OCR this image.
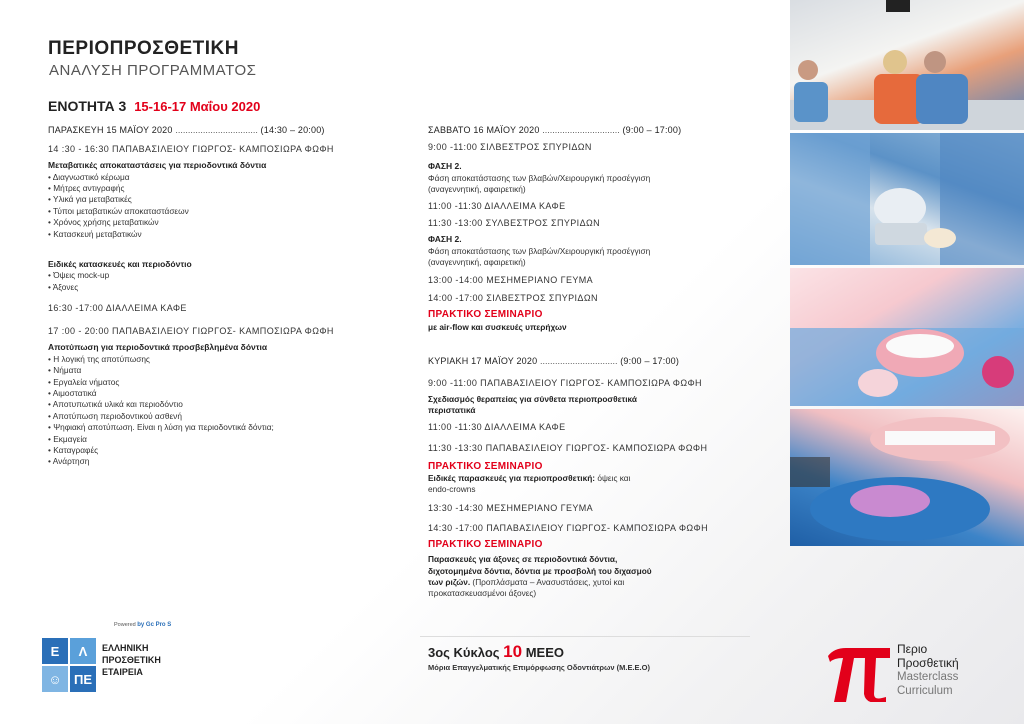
ΠΕΡΙΟΠΡΟΣΘΕΤΙΚΗ
ΑΝΑΛΥΣΗ ΠΡΟΓΡΑΜΜΑΤΟΣ
ΕΝΟΤΗΤΑ 3 15-16-17 Μαΐου 2020
ΠΑΡΑΣΚΕΥΗ 15 ΜΑΪΟΥ 2020 ................................. (14:30 – 20:00)
14 :30 - 16:30 ΠΑΠΑΒΑΣΙΛΕΙΟΥ ΓΙΩΡΓΟΣ- ΚΑΜΠΟΣΙΩΡΑ ΦΩΦΗ
Μεταβατικές αποκαταστάσεις για περιοδοντικά δόντια
• Διαγνωστικό κέρωμα
• Μήτρες αντιγραφής
• Υλικά για μεταβατικές
• Τύποι μεταβατικών αποκαταστάσεων
• Χρόνος χρήσης μεταβατικών
• Κατασκευή μεταβατικών
Ειδικές κατασκευές και περιοδόντιο
• Όψεις mock-up
• Άξονες
16:30 -17:00 ΔΙΑΛΛΕΙΜΑ ΚΑΦΕ
17 :00 - 20:00 ΠΑΠΑΒΑΣΙΛΕΙΟΥ ΓΙΩΡΓΟΣ- ΚΑΜΠΟΣΙΩΡΑ ΦΩΦΗ
Αποτύπωση για περιοδοντικά προσβεβλημένα δόντια
• Η λογική της αποτύπωσης
• Νήματα
• Εργαλεία νήματος
• Αιμοστατικά
• Αποτυπωτικά υλικά και περιοδόντιο
• Αποτύπωση περιοδοντικού ασθενή
• Ψηφιακή αποτύπωση. Είναι η λύση για περιοδοντικά δόντια;
• Εκμαγεία
• Καταγραφές
• Ανάρτηση
ΣΑΒΒΑΤΟ 16 ΜΑΪΟΥ 2020 ............................... (9:00 – 17:00)
9:00 -11:00 ΣΙΛΒΕΣΤΡΟΣ ΣΠΥΡΙΔΩΝ
ΦΑΣΗ 2.
Φάση αποκατάστασης των βλαβών/Χειρουργική προσέγγιση
(αναγεννητική, αφαιρετική)
11:00 -11:30 ΔΙΑΛΛΕΙΜΑ ΚΑΦΕ
11:30 -13:00 ΣΥΛΒΕΣΤΡΟΣ ΣΠΥΡΙΔΩΝ
ΦΑΣΗ 2.
Φάση αποκατάστασης των βλαβών/Χειρουργική προσέγγιση
(αναγεννητική, αφαιρετική)
13:00 -14:00 ΜΕΣΗΜΕΡΙΑΝΟ ΓΕΥΜΑ
14:00 -17:00 ΣΙΛΒΕΣΤΡΟΣ ΣΠΥΡΙΔΩΝ
ΠΡΑΚΤΙΚΟ ΣΕΜΙΝΑΡΙΟ
με air-flow και συσκευές υπερήχων
ΚΥΡΙΑΚΗ 17 ΜΑΪΟΥ 2020 ............................... (9:00 – 17:00)
9:00 -11:00 ΠΑΠΑΒΑΣΙΛΕΙΟΥ ΓΙΩΡΓΟΣ- ΚΑΜΠΟΣΙΩΡΑ ΦΩΦΗ
Σχεδιασμός θεραπείας για σύνθετα περιοπροσθετικά
περιστατικά
11:00 -11:30 ΔΙΑΛΛΕΙΜΑ ΚΑΦΕ
11:30 -13:30 ΠΑΠΑΒΑΣΙΛΕΙΟΥ ΓΙΩΡΓΟΣ- ΚΑΜΠΟΣΙΩΡΑ ΦΩΦΗ
ΠΡΑΚΤΙΚΟ ΣΕΜΙΝΑΡΙΟ
Ειδικές παρασκευές για περιοπροσθετική: όψεις και
endo-crowns
13:30 -14:30 ΜΕΣΗΜΕΡΙΑΝΟ ΓΕΥΜΑ
14:30 -17:00 ΠΑΠΑΒΑΣΙΛΕΙΟΥ ΓΙΩΡΓΟΣ- ΚΑΜΠΟΣΙΩΡΑ ΦΩΦΗ
ΠΡΑΚΤΙΚΟ ΣΕΜΙΝΑΡΙΟ
Παρασκευές για άξονες σε περιοδοντικά δόντια,
διχοτομημένα δόντια, δόντια με προσβολή του διχασμού
των ριζών. (Προπλάσματα – Ανασυστάσεις, χυτοί και
προκατασκευασμένοι άξονες)
Powered by Gc Pro S
Ε	Λ
☺ Π Ε
ΕΛΛΗΝΙΚΗ
ΠΡΟΣΘΕΤΙΚΗ
ΕΤΑΙΡΕΙΑ
3ος Κύκλος 10 ΜΕΕΟ
Μόρια Επαγγελματικής Επιμόρφωσης Οδοντιάτρων (Μ.Ε.Ε.Ο)
Περιο
Προσθετική
Masterclass
Curriculum
